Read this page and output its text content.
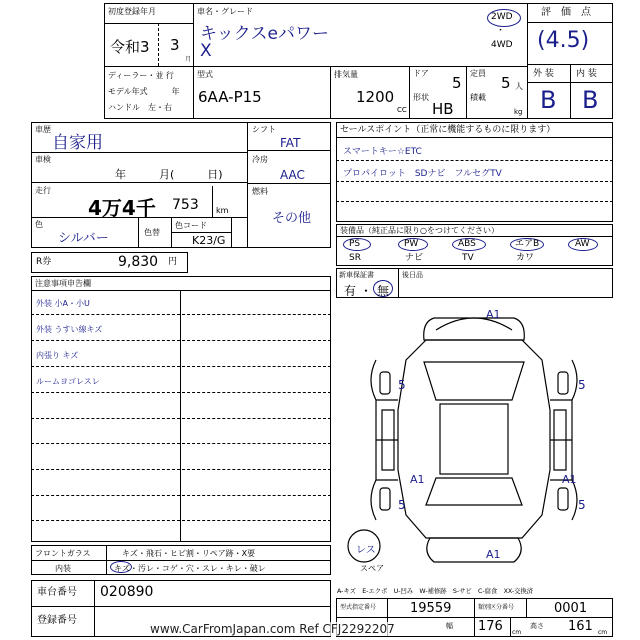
初度登録年月
令和3 3
月
車名・グレード
キックスeパワー
X
2WD
・
4WD
評　価　点
(4.5)
ディーラー・並 行
モデル年式　　　年
ハンドル　左・右
型式
6AA-P15
排気量
1200
CC
ドア
5
形状
HB
定員
5 人
積載
kg
外 装 内 装
B B
車歴
自家用
車検
年　　　月(　　　日)
走行
4万4千 753 km
色
シルバー	色替
色コード
K23/G
シフト
FAT
冷房
AAC
燃料
その他
R券	9,830 円
セールスポイント（正常に機能するものに限ります）
スマートキー☆ETC
プロパイロット　SDナビ　フルセグTV
装備品（純正品に限り○をつけてください）
PS	PW	ABS	エアB	AW
SR	ナビ	TV	カワ
新車保証書
有 ・ 無
後日品
注意事項申告欄
外装 小A・小U
外装 うすい線キズ
内張り キズ
ルームヨゴレスレ
フロントガラス	キズ・飛石・ヒビ割・リペア跡・X要
内装	キズ・汚レ・コゲ・穴・スレ・キレ・破レ
車台番号 020890
登録番号
A1
5	5
5	5
A1	A1
A1
レス
スペア
A-キズ　E-エクボ　U-凹み　W-補修跡　S-サビ　C-腐食　XX-交換済
型式指定番号	19559	類別区分番号	0001
幅 176 cm
高さ 161 cm
www.CarFromJapan.com Ref CFJ2292207
